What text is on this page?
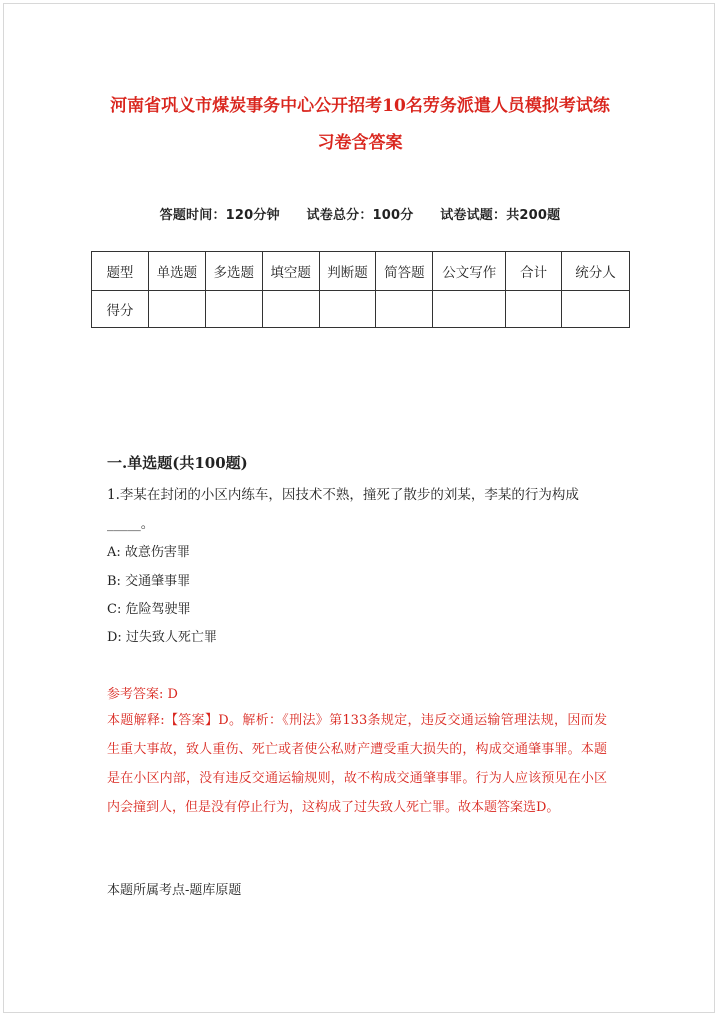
河南省巩义市煤炭事务中心公开招考10名劳务派遣人员模拟考试练
习卷含答案
答题时间：120分钟 试卷总分：100分 试卷试题：共200题
题型	单选题	多选题	填空题	判断题	简答题	公文写作	合计	统分人
得分								
一.单选题(共100题)
1.李某在封闭的小区内练车，因技术不熟，撞死了散步的刘某，李某的行为构成_____。
A: 故意伤害罪
B: 交通肇事罪
C: 危险驾驶罪
D: 过失致人死亡罪
参考答案: D
本题解释:【答案】D。解析：《刑法》第133条规定，违反交通运输管理法规，因而发生重大事故，致人重伤、死亡或者使公私财产遭受重大损失的，构成交通肇事罪。本题是在小区内部，没有违反交通运输规则，故不构成交通肇事罪。行为人应该预见在小区内会撞到人，但是没有停止行为，这构成了过失致人死亡罪。故本题答案选D。
本题所属考点-题库原题
